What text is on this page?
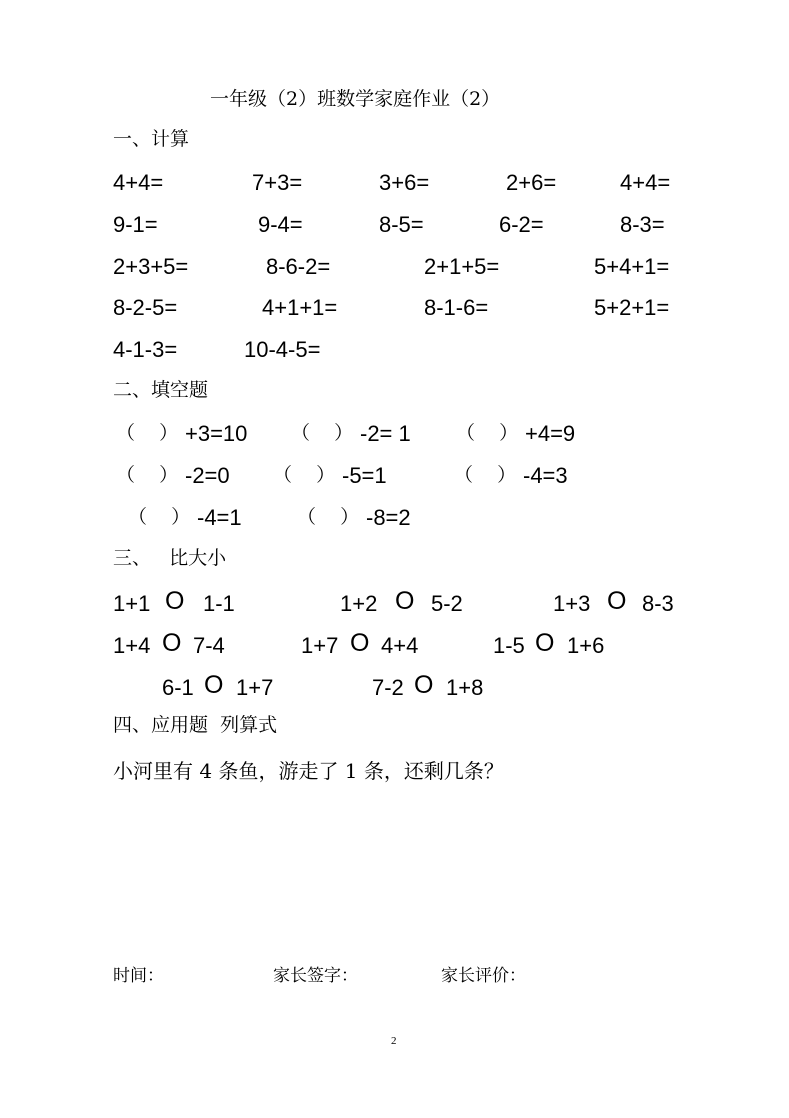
一年级（2）班数学家庭作业（2）
一、计算
4+4=	7+3=	3+6=	2+6=	4+4=
9-1=	9-4=	8-5=	6-2=	8-3=
2+3+5=	8-6-2=	2+1+5=	5+4+1=
8-2-5=	4+1+1=	8-1-6=	5+2+1=
4-1-3=	10-4-5=
二、填空题
（    ） +3=10 （    ） -2= 1 （    ） +4=9
（    ） -2=0 （    ） -5=1	（    ） -4=3
（    ） -4=1	（    ） -8=2
三、   比大小
1+1 O 1-1	1+2 O 5-2	1+3 O 8-3
1+4 O 7-4	1+7 O 4+4	1-5 O 1+6
6-1 O 1+7	7-2 O 1+8
四、应用题  列算式
小河里有 4 条鱼，游走了 1 条，还剩几条？
时间：	家长签字：	家长评价：
2
